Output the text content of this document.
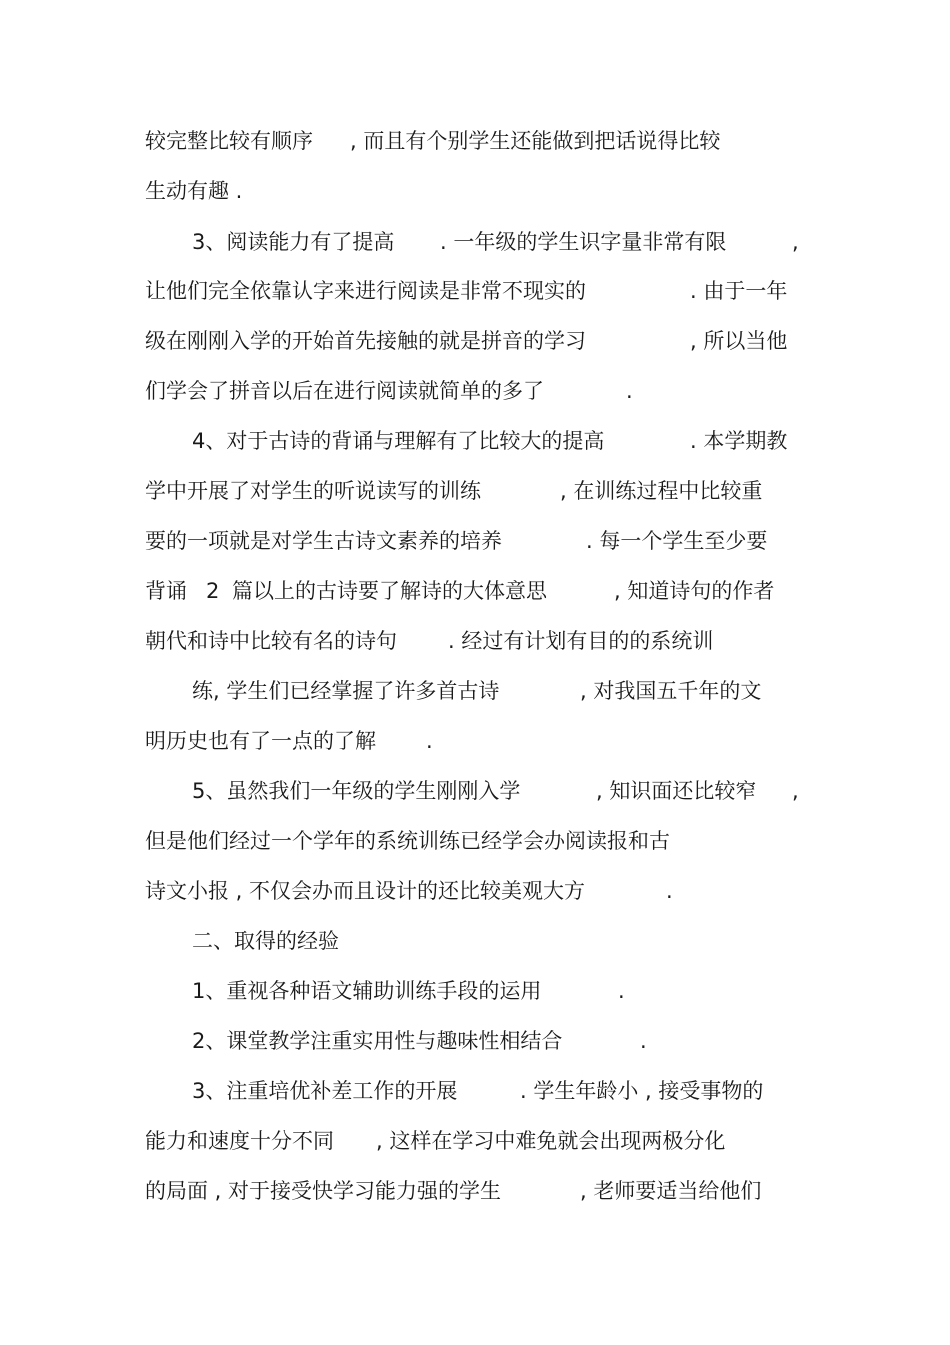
较完整比较有顺序

, 而且有个别学生还能做到把话说得比较

生动有趣 .

3、阅读能力有了提高

. 一年级的学生识字量非常有限

	,

让他们完全依靠认字来进行阅读是非常不现实的

	. 由于一年

级在刚刚入学的开始首先接触的就是拼音的学习

	, 所以当他

们学会了拼音以后在进行阅读就简单的多了

	.

4、对于古诗的背诵与理解有了比较大的提高

	. 本学期教

学中开展了对学生的听说读写的训练

	, 在训练过程中比较重

要的一项就是对学生古诗文素养的培养

	. 每一个学生至少要

背诵

2

篇以上的古诗要了解诗的大体意思

	, 知道诗句的作者

朝代和诗中比较有名的诗句

. 经过有计划有目的的系统训

练, 学生们已经掌握了许多首古诗

	, 对我国五千年的文

明历史也有了一点的了解

.

5、虽然我们一年级的学生刚刚入学

	, 知识面还比较窄

,

但是他们经过一个学年的系统训练已经学会办阅读报和古

诗文小报 , 不仅会办而且设计的还比较美观大方

	.

二、取得的经验

1、重视各种语文辅助训练手段的运用

	.

2、课堂教学注重实用性与趣味性相结合

	.

3、注重培优补差工作的开展

	. 学生年龄小 , 接受事物的

能力和速度十分不同

, 这样在学习中难免就会出现两极分化

的局面 , 对于接受快学习能力强的学生

	, 老师要适当给他们
